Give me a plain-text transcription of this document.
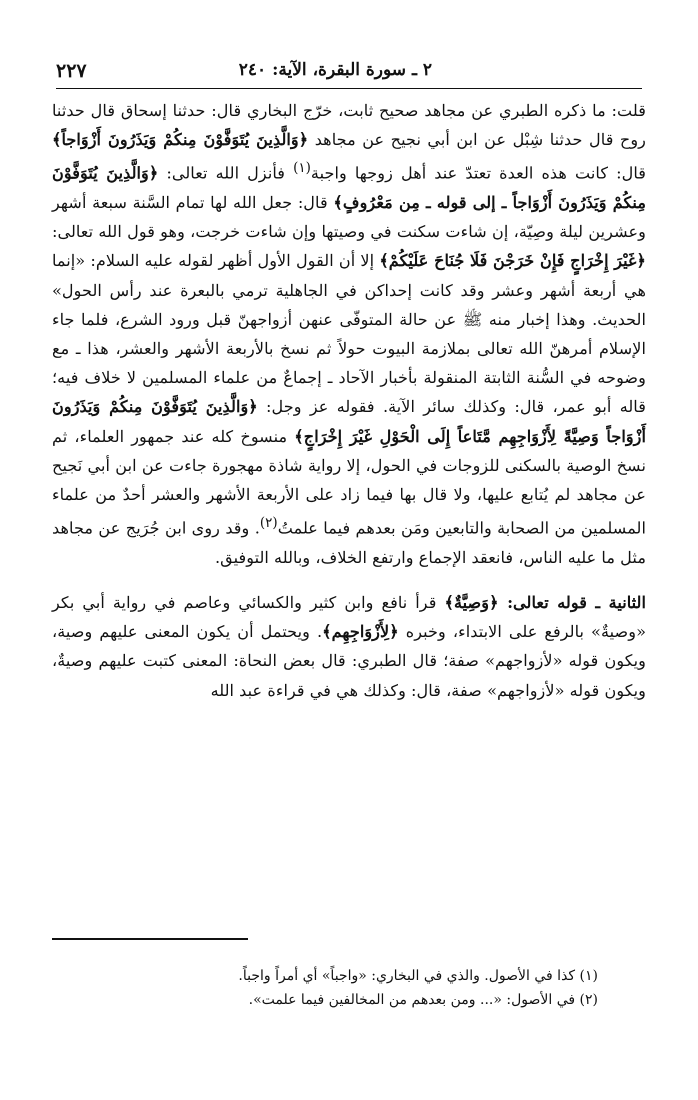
٢ ـ سورة البقرة، الآية: ٢٤٠
٢٢٧

قلت: ما ذكره الطبري عن مجاهد صحيح ثابت، خرّج البخاري قال: حدثنا إسحاق قال حدثنا روح قال حدثنا شِبْل عن ابن أبي نجيح عن مجاهد ﴿وَالَّذِينَ يُتَوَفَّوْنَ مِنكُمْ وَيَذَرُونَ أَزْوَاجاً﴾ قال: كانت هذه العدة تعتدّ عند أهل زوجها واجبة$^{(١)}$ فأنزل الله تعالى: ﴿وَالَّذِينَ يُتَوَفَّوْنَ مِنكُمْ وَيَذَرُونَ أَزْوَاجاً ـ إلى قوله ـ مِن مَعْرُوفٍ﴾ قال: جعل الله لها تمام السَّنة سبعة أشهر وعشرين ليلة وصِيّة، إن شاءت سكنت في وصيتها وإن شاءت خرجت، وهو قول الله تعالى: ﴿غَيْرَ إِخْرَاجٍ فَإِنْ خَرَجْنَ فَلَا جُنَاحَ عَلَيْكُمْ﴾ إلا أن القول الأول أظهر لقوله عليه السلام: «إنما هي أربعة أشهر وعشر وقد كانت إحداكن في الجاهلية ترمي بالبعرة عند رأس الحول» الحديث. وهذا إخبار منه ﷺ عن حالة المتوفّى عنهن أزواجهنّ قبل ورود الشرع، فلما جاء الإسلام أمرهنّ الله تعالى بملازمة البيوت حولاً ثم نسخ بالأربعة الأشهر والعشر، هذا ـ مع وضوحه في السُّنة الثابتة المنقولة بأخبار الآحاد ـ إجماعٌ من علماء المسلمين لا خلاف فيه؛ قاله أبو عمر، قال: وكذلك سائر الآية. فقوله عز وجل: ﴿وَالَّذِينَ يُتَوَفَّوْنَ مِنكُمْ وَيَذَرُونَ أَزْوَاجاً وَصِيَّةً لِأَزْوَاجِهِم مَّتَاعاً إِلَى الْحَوْلِ غَيْرَ إِخْرَاجٍ﴾ منسوخ كله عند جمهور العلماء، ثم نسخ الوصية بالسكنى للزوجات في الحول، إلا رواية شاذة مهجورة جاءت عن ابن أبي نَجيح عن مجاهد لم يُتابع عليها، ولا قال بها فيما زاد على الأربعة الأشهر والعشر أحدٌ من علماء المسلمين من الصحابة والتابعين ومَن بعدهم فيما علمتُ$^{(٢)}$. وقد روى ابن جُرَيج عن مجاهد مثل ما عليه الناس، فانعقد الإجماع وارتفع الخلاف، وبالله التوفيق.

الثانية ـ قوله تعالى: ﴿وَصِيَّةٌ﴾ قرأ نافع وابن كثير والكسائي وعاصم في رواية أبي بكر «وصيةٌ» بالرفع على الابتداء، وخبره ﴿لِأَزْوَاجِهِم﴾. ويحتمل أن يكون المعنى عليهم وصية، ويكون قوله «لأزواجهم» صفة؛ قال الطبري: قال بعض النحاة: المعنى كتبت عليهم وصيةٌ، ويكون قوله «لأزواجهم» صفة، قال: وكذلك هي في قراءة عبد الله

(١) كذا في الأصول. والذي في البخاري: «واجباً» أي أمراً واجباً.

(٢) في الأصول: «... ومن بعدهم من المخالفين فيما علمت».
